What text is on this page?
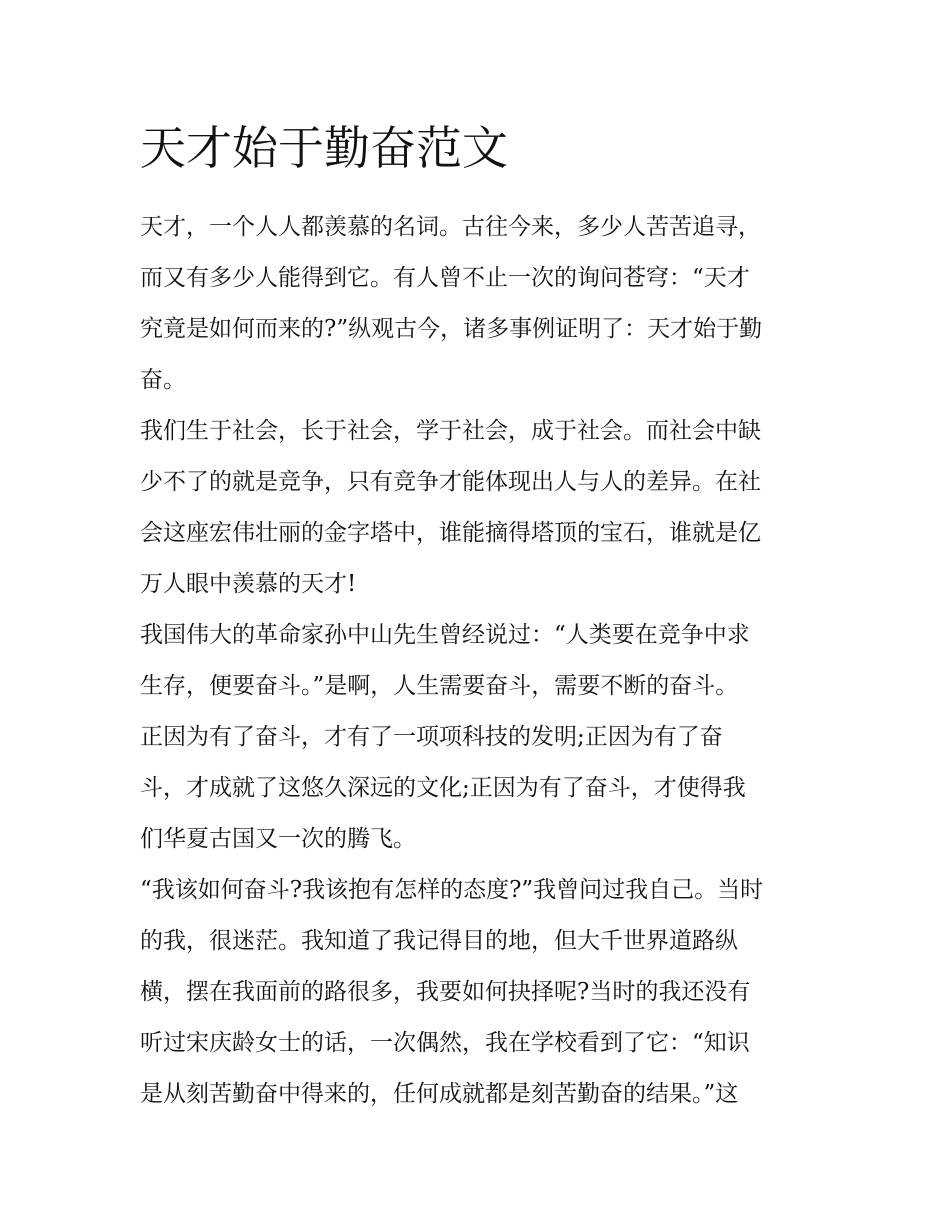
天才始于勤奋范文

天才，一个人人都羡慕的名词。古往今来，多少人苦苦追寻，

而又有多少人能得到它。有人曾不止一次的询问苍穹：“天才

究竟是如何而来的?”纵观古今，诸多事例证明了：天才始于勤

奋。

我们生于社会，长于社会，学于社会，成于社会。而社会中缺

少不了的就是竞争，只有竞争才能体现出人与人的差异。在社

会这座宏伟壮丽的金字塔中，谁能摘得塔顶的宝石，谁就是亿

万人眼中羡慕的天才!

我国伟大的革命家孙中山先生曾经说过：“人类要在竞争中求

生存，便要奋斗。”是啊，人生需要奋斗，需要不断的奋斗。

正因为有了奋斗，才有了一项项科技的发明;正因为有了奋

斗，才成就了这悠久深远的文化;正因为有了奋斗，才使得我

们华夏古国又一次的腾飞。

“我该如何奋斗?我该抱有怎样的态度?”我曾问过我自己。当时

的我，很迷茫。我知道了我记得目的地，但大千世界道路纵

横，摆在我面前的路很多，我要如何抉择呢?当时的我还没有

听过宋庆龄女士的话，一次偶然，我在学校看到了它：“知识

是从刻苦勤奋中得来的，任何成就都是刻苦勤奋的结果。”这
